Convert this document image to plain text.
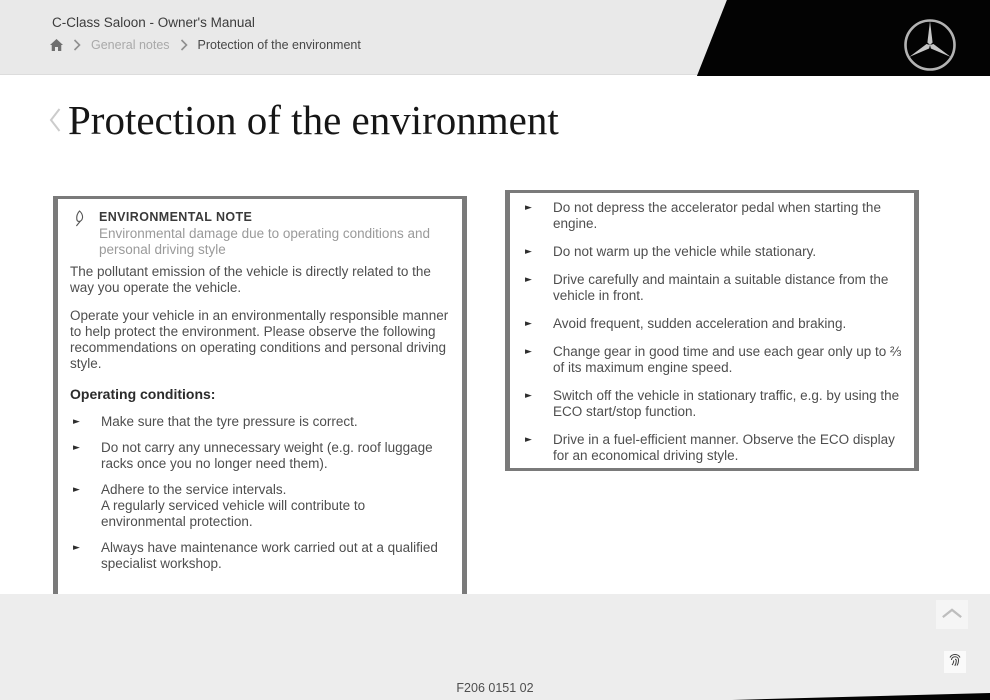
C-Class Saloon - Owner's Manual
General notes Protection of the environment
Protection of the environment
ENVIRONMENTAL NOTE
Environmental damage due to operating conditions and personal driving style

The pollutant emission of the vehicle is directly related to the way you operate the vehicle.

Operate your vehicle in an environmentally responsible manner to help protect the environment. Please observe the following recommendations on operating conditions and personal driving style.

Operating conditions:
►	Make sure that the tyre pressure is correct.
►	Do not carry any unnecessary weight (e.g. roof luggage racks once you no longer need them).
►	Adhere to the service intervals.
A regularly serviced vehicle will contribute to environmental protection.
►	Always have maintenance work carried out at a qualified specialist workshop.
►	Do not depress the accelerator pedal when starting the engine.
►	Do not warm up the vehicle while stationary.
►	Drive carefully and maintain a suitable distance from the vehicle in front.
►	Avoid frequent, sudden acceleration and braking.
►	Change gear in good time and use each gear only up to ⅔ of its maximum engine speed.
►	Switch off the vehicle in stationary traffic, e.g. by using the ECO start/stop function.
►	Drive in a fuel-efficient manner. Observe the ECO display for an economical driving style.
F206 0151 02
